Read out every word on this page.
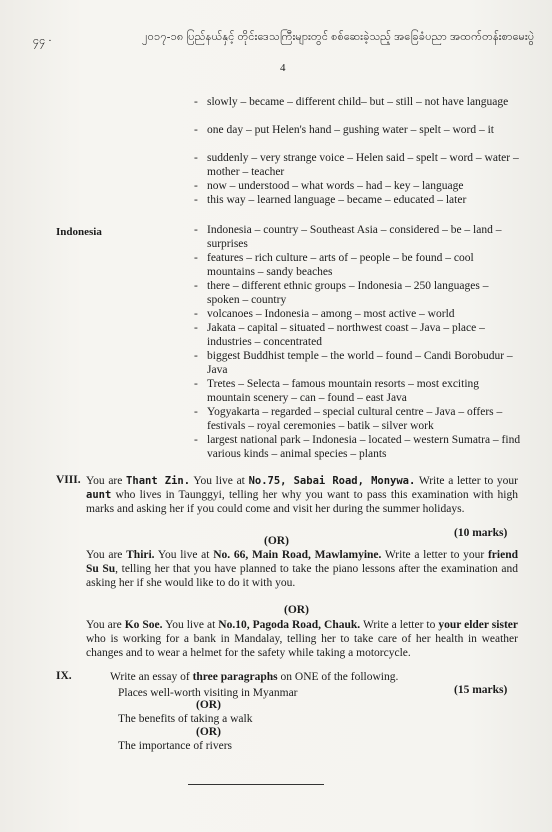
၄၄ ·	၂၀၁၇-၁၈ ပြည်နယ်နှင့် တိုင်းဒေသကြီးများတွင် စစ်ဆေးခဲ့သည့် အခြေခံပညာ အထက်တန်းစာမေးပွဲ
4
- slowly – became – different child– but – still – not have language
- one day – put Helen's hand – gushing water – spelt – word – it
- suddenly – very strange voice – Helen said – spelt – word – water – mother – teacher
- now – understood – what words – had – key – language
- this way – learned language – became – educated – later
Indonesia	- Indonesia – country – Southeast Asia – considered – be – land – surprises
- features – rich culture – arts of – people – be found – cool mountains – sandy beaches
- there – different ethnic groups – Indonesia – 250 languages – spoken – country
- volcanoes – Indonesia – among – most active – world
- Jakata – capital – situated – northwest coast – Java – place – industries – concentrated
- biggest Buddhist temple – the world – found – Candi Borobudur –Java
- Tretes – Selecta – famous mountain resorts – most exciting mountain scenery – can – found – east Java
- Yogyakarta – regarded – special cultural centre – Java – offers – festivals – royal ceremonies – batik – silver work
- largest national park – Indonesia – located – western Sumatra – find various kinds – animal species – plants
VIII. You are Thant Zin. You live at No.75, Sabai Road, Monywa. Write a letter to your aunt who lives in Taunggyi, telling her why you want to pass this examination with high marks and asking her if you could come and visit her during the summer holidays.
(10 marks)
(OR)
You are Thiri. You live at No. 66, Main Road, Mawlamyine. Write a letter to your friend Su Su, telling her that you have planned to take the piano lessons after the examination and asking her if she would like to do it with you.
(OR)
You are Ko Soe. You live at No.10, Pagoda Road, Chauk. Write a letter to your elder sister who is working for a bank in Mandalay, telling her to take care of her health in weather changes and to wear a helmet for the safety while taking a motorcycle.
IX.	Write an essay of three paragraphs on ONE of the following.
(15 marks)
Places well-worth visiting in Myanmar
(OR)
The benefits of taking a walk
(OR)
The importance of rivers
